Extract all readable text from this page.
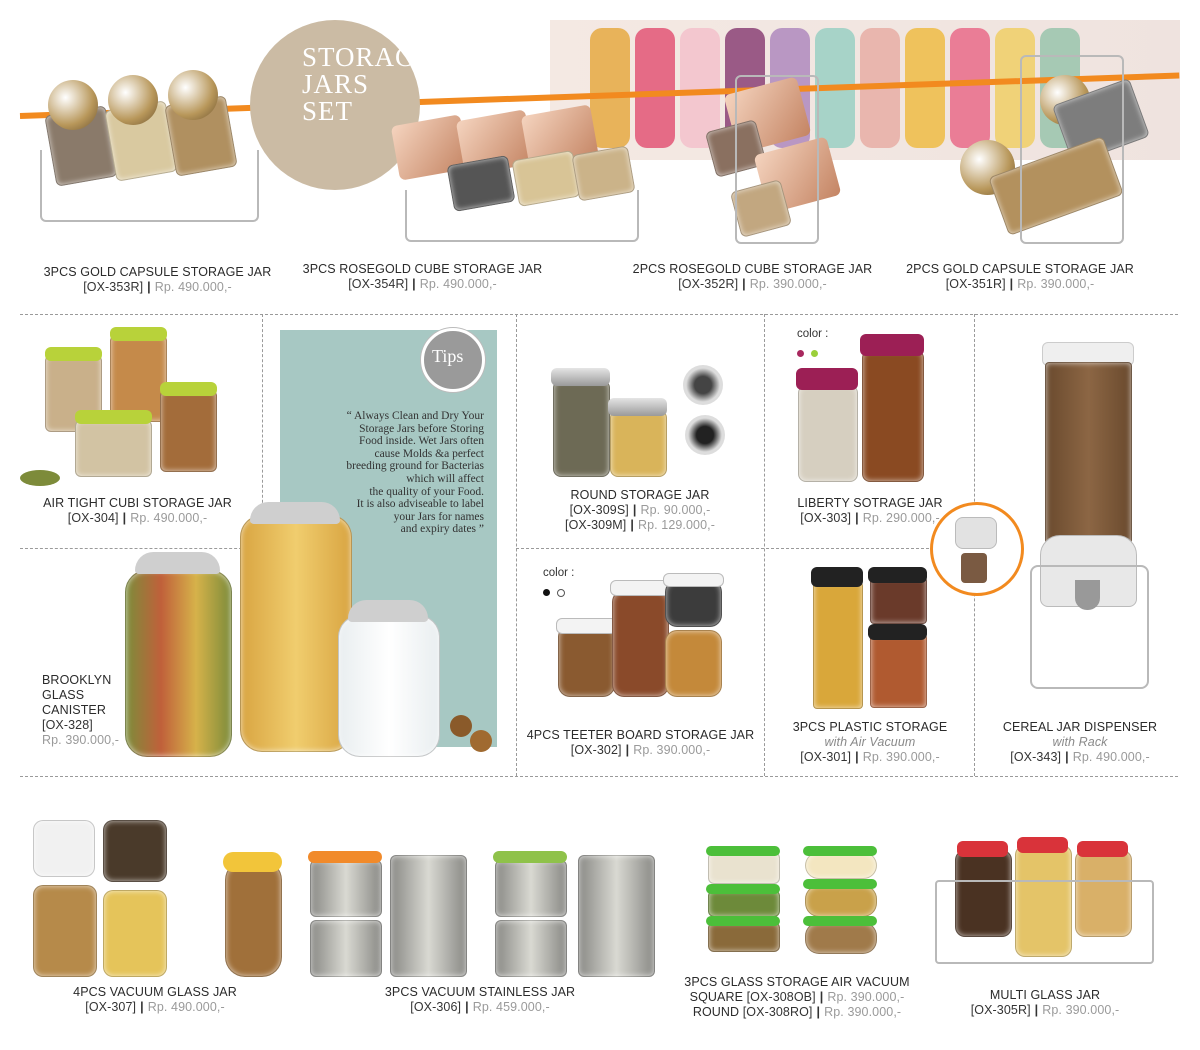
STORAGE
JARS
SET
3PCS GOLD CAPSULE STORAGE JAR
[OX-353R] | Rp. 490.000,-
3PCS ROSEGOLD CUBE STORAGE JAR
[OX-354R] | Rp. 490.000,-
2PCS ROSEGOLD CUBE STORAGE JAR
[OX-352R] | Rp. 390.000,-
2PCS GOLD CAPSULE STORAGE JAR
[OX-351R] | Rp. 390.000,-
AIR TIGHT CUBI STORAGE JAR
[OX-304] | Rp. 490.000,-
Tips
“ Always Clean and Dry Your
Storage Jars before Storing
Food inside. Wet Jars often
cause Molds &a perfect
breeding ground for Bacterias
which will affect
the quality of your Food.
It is also adviseable to label
your Jars for names
and expiry dates ”
ROUND STORAGE JAR
[OX-309S] | Rp. 90.000,-
[OX-309M] | Rp. 129.000,-
color :

LIBERTY SOTRAGE JAR
[OX-303] | Rp. 290.000,-
BROOKLYN
GLASS
CANISTER
[OX-328]
Rp. 390.000,-
color :

4PCS TEETER BOARD STORAGE JAR
[OX-302] | Rp. 390.000,-
3PCS PLASTIC STORAGE
with Air Vacuum
[OX-301] | Rp. 390.000,-
CEREAL JAR DISPENSER
with Rack
[OX-343] | Rp. 490.000,-
4PCS VACUUM GLASS JAR
[OX-307] | Rp. 490.000,-
3PCS VACUUM STAINLESS JAR
[OX-306] | Rp. 459.000,-
3PCS GLASS STORAGE AIR VACUUM
SQUARE [OX-308OB] | Rp. 390.000,-
ROUND [OX-308RO] | Rp. 390.000,-
MULTI GLASS JAR
[OX-305R] | Rp. 390.000,-
